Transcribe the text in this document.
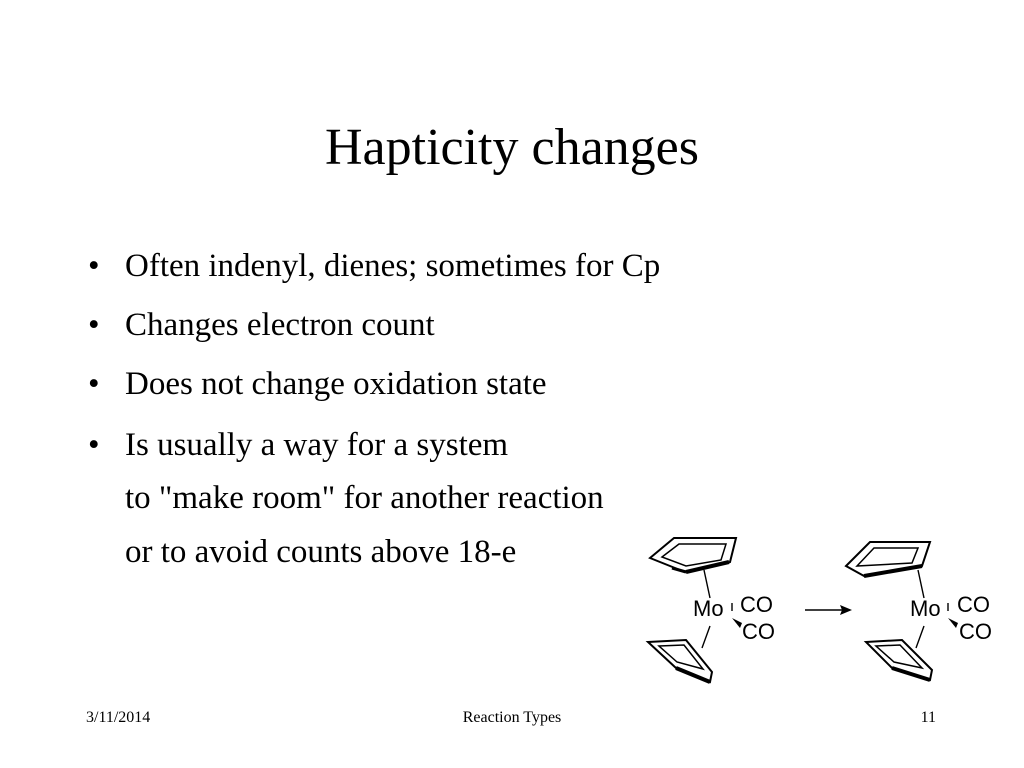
Hapticity changes
• Often indenyl, dienes; sometimes for Cp
• Changes electron count
• Does not change oxidation state
• Is usually a way for a system
to "make room" for another reaction
or to avoid counts above 18-e
Mo CO
CO
Mo CO
CO
3/11/2014	Reaction Types	11
